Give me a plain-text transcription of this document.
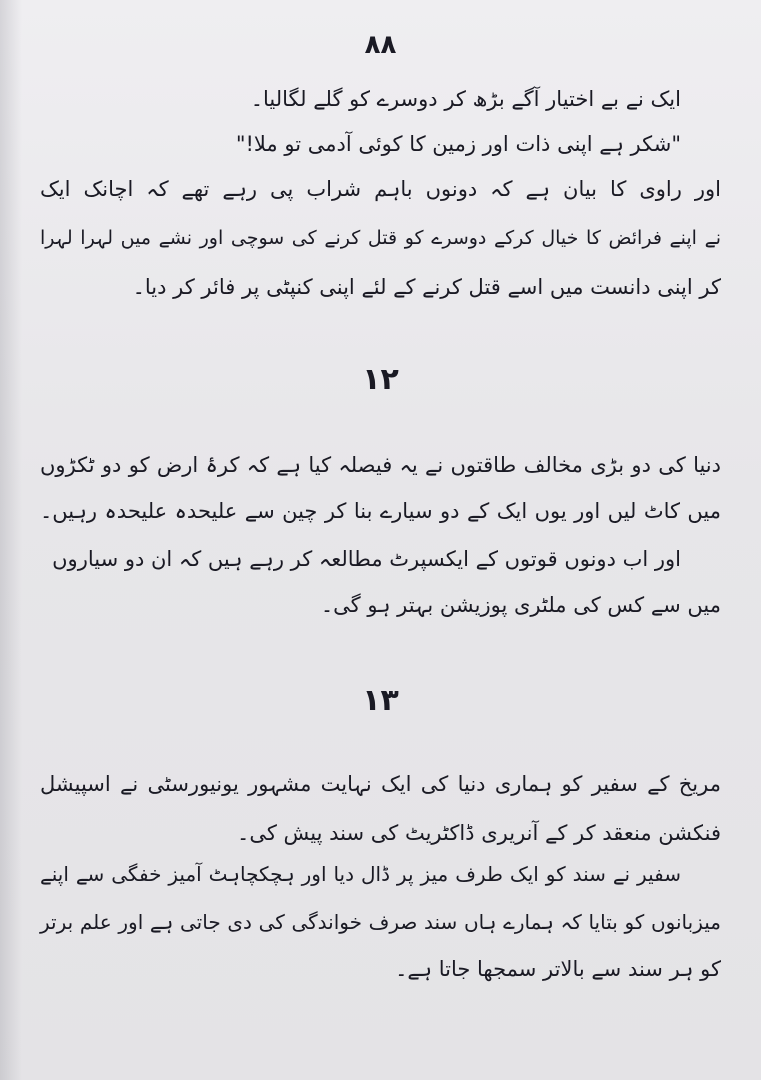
۸۸
ایک نے بے اختیار آگے بڑھ کر دوسرے کو گلے لگالیا۔
"شکر ہے اپنی ذات اور زمین کا کوئی آدمی تو ملا!"
اور راوی کا بیان ہے کہ دونوں باہم شراب پی رہے تھے کہ اچانک ایک
نے اپنے فرائض کا خیال کرکے دوسرے کو قتل کرنے کی سوچی اور نشے میں لہرا لہرا
کر اپنی دانست میں اسے قتل کرنے کے لئے اپنی کنپٹی پر فائر کر دیا۔
۱۲
دنیا کی دو بڑی مخالف طاقتوں نے یہ فیصلہ کیا ہے کہ کرۂ ارض کو دو ٹکڑوں
میں کاٹ لیں اور یوں ایک کے دو سیارے بنا کر چین سے علیحدہ علیحدہ رہیں۔
اور اب دونوں قوتوں کے ایکسپرٹ مطالعہ کر رہے ہیں کہ ان دو سیاروں
میں سے کس کی ملٹری پوزیشن بہتر ہو گی۔
۱۳
مریخ کے سفیر کو ہماری دنیا کی ایک نہایت مشہور یونیورسٹی نے اسپیشل
فنکشن منعقد کر کے آنریری ڈاکٹریٹ کی سند پیش کی۔
سفیر نے سند کو ایک طرف میز پر ڈال دیا اور ہچکچاہٹ آمیز خفگی سے اپنے
میزبانوں کو بتایا کہ ہمارے ہاں سند صرف خواندگی کی دی جاتی ہے اور علم برتر
کو ہر سند سے بالاتر سمجھا جاتا ہے۔
